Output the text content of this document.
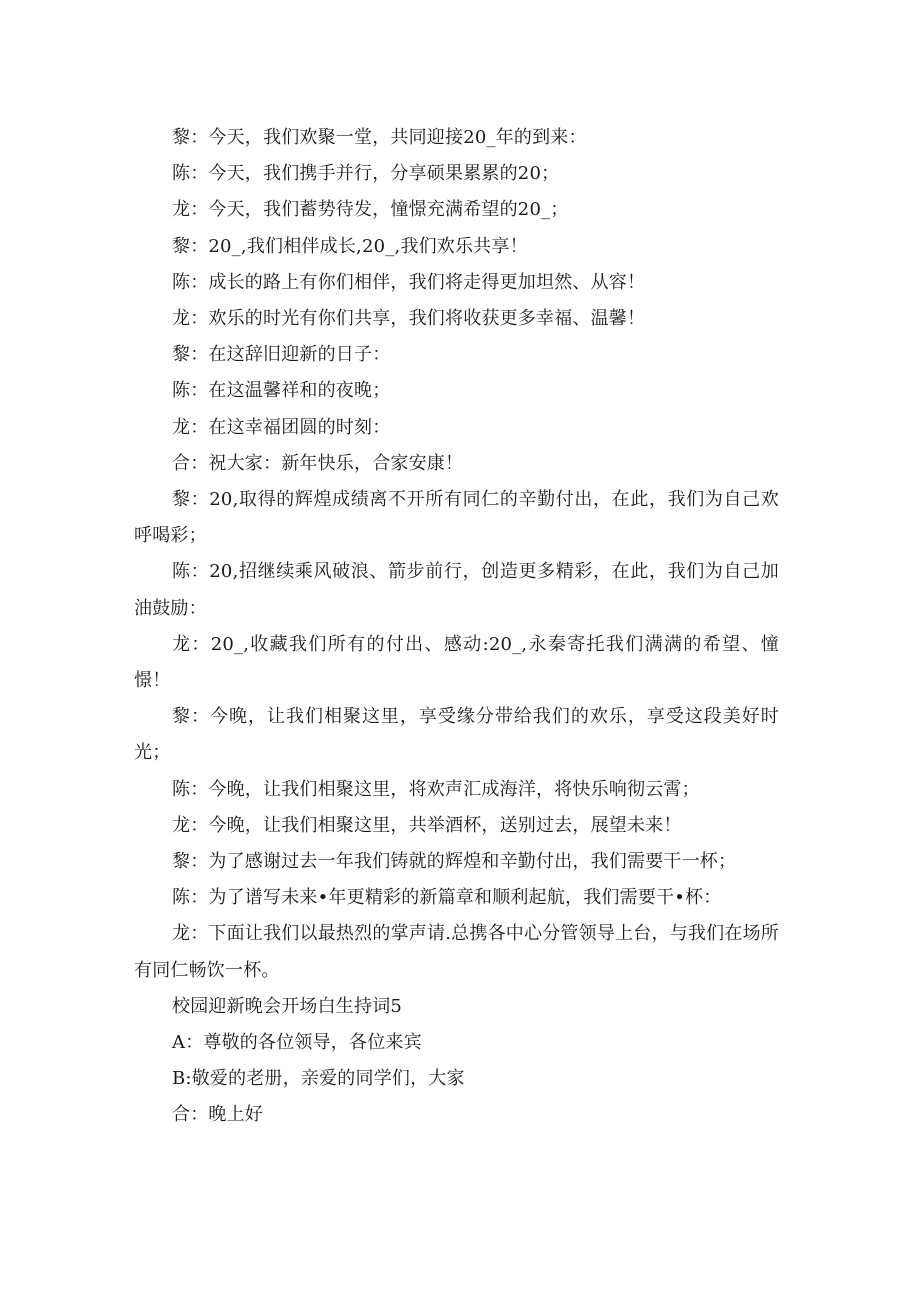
黎：今天，我们欢聚一堂，共同迎接20_年的到来：

陈：今天，我们携手并行，分享硕果累累的20；

龙：今天，我们蓄势待发，憧憬充满希望的20_；

黎：20_,我们相伴成长,20_,我们欢乐共享！

陈：成长的路上有你们相伴，我们将走得更加坦然、从容！

龙：欢乐的时光有你们共享，我们将收获更多幸福、温馨！

黎：在这辞旧迎新的日子：

陈：在这温馨祥和的夜晚；

龙：在这幸福团圆的时刻：

合：祝大家：新年快乐，合家安康！

黎：20,取得的辉煌成绩离不开所有同仁的辛勤付出，在此，我们为自己欢呼喝彩；

陈：20,招继续乘风破浪、箭步前行，创造更多精彩，在此，我们为自己加油鼓励：

龙：20_,收藏我们所有的付出、感动:20_,永秦寄托我们满满的希望、憧憬！

黎：今晚，让我们相聚这里，享受缘分带给我们的欢乐，享受这段美好时光；

陈：今晚，让我们相聚这里，将欢声汇成海洋，将快乐响彻云霄；

龙：今晚，让我们相聚这里，共举酒杯，送别过去，展望未来！

黎：为了感谢过去一年我们铸就的辉煌和辛勤付出，我们需要干一杯；

陈：为了谱写未来•年更精彩的新篇章和顺利起航，我们需要干•杯：

龙：下面让我们以最热烈的掌声请.总携各中心分管领导上台，与我们在场所有同仁畅饮一杯。

校园迎新晚会开场白生持词5

A：尊敬的各位领导，各位来宾

B:敬爱的老册，亲爱的同学们，大家

合：晚上好
